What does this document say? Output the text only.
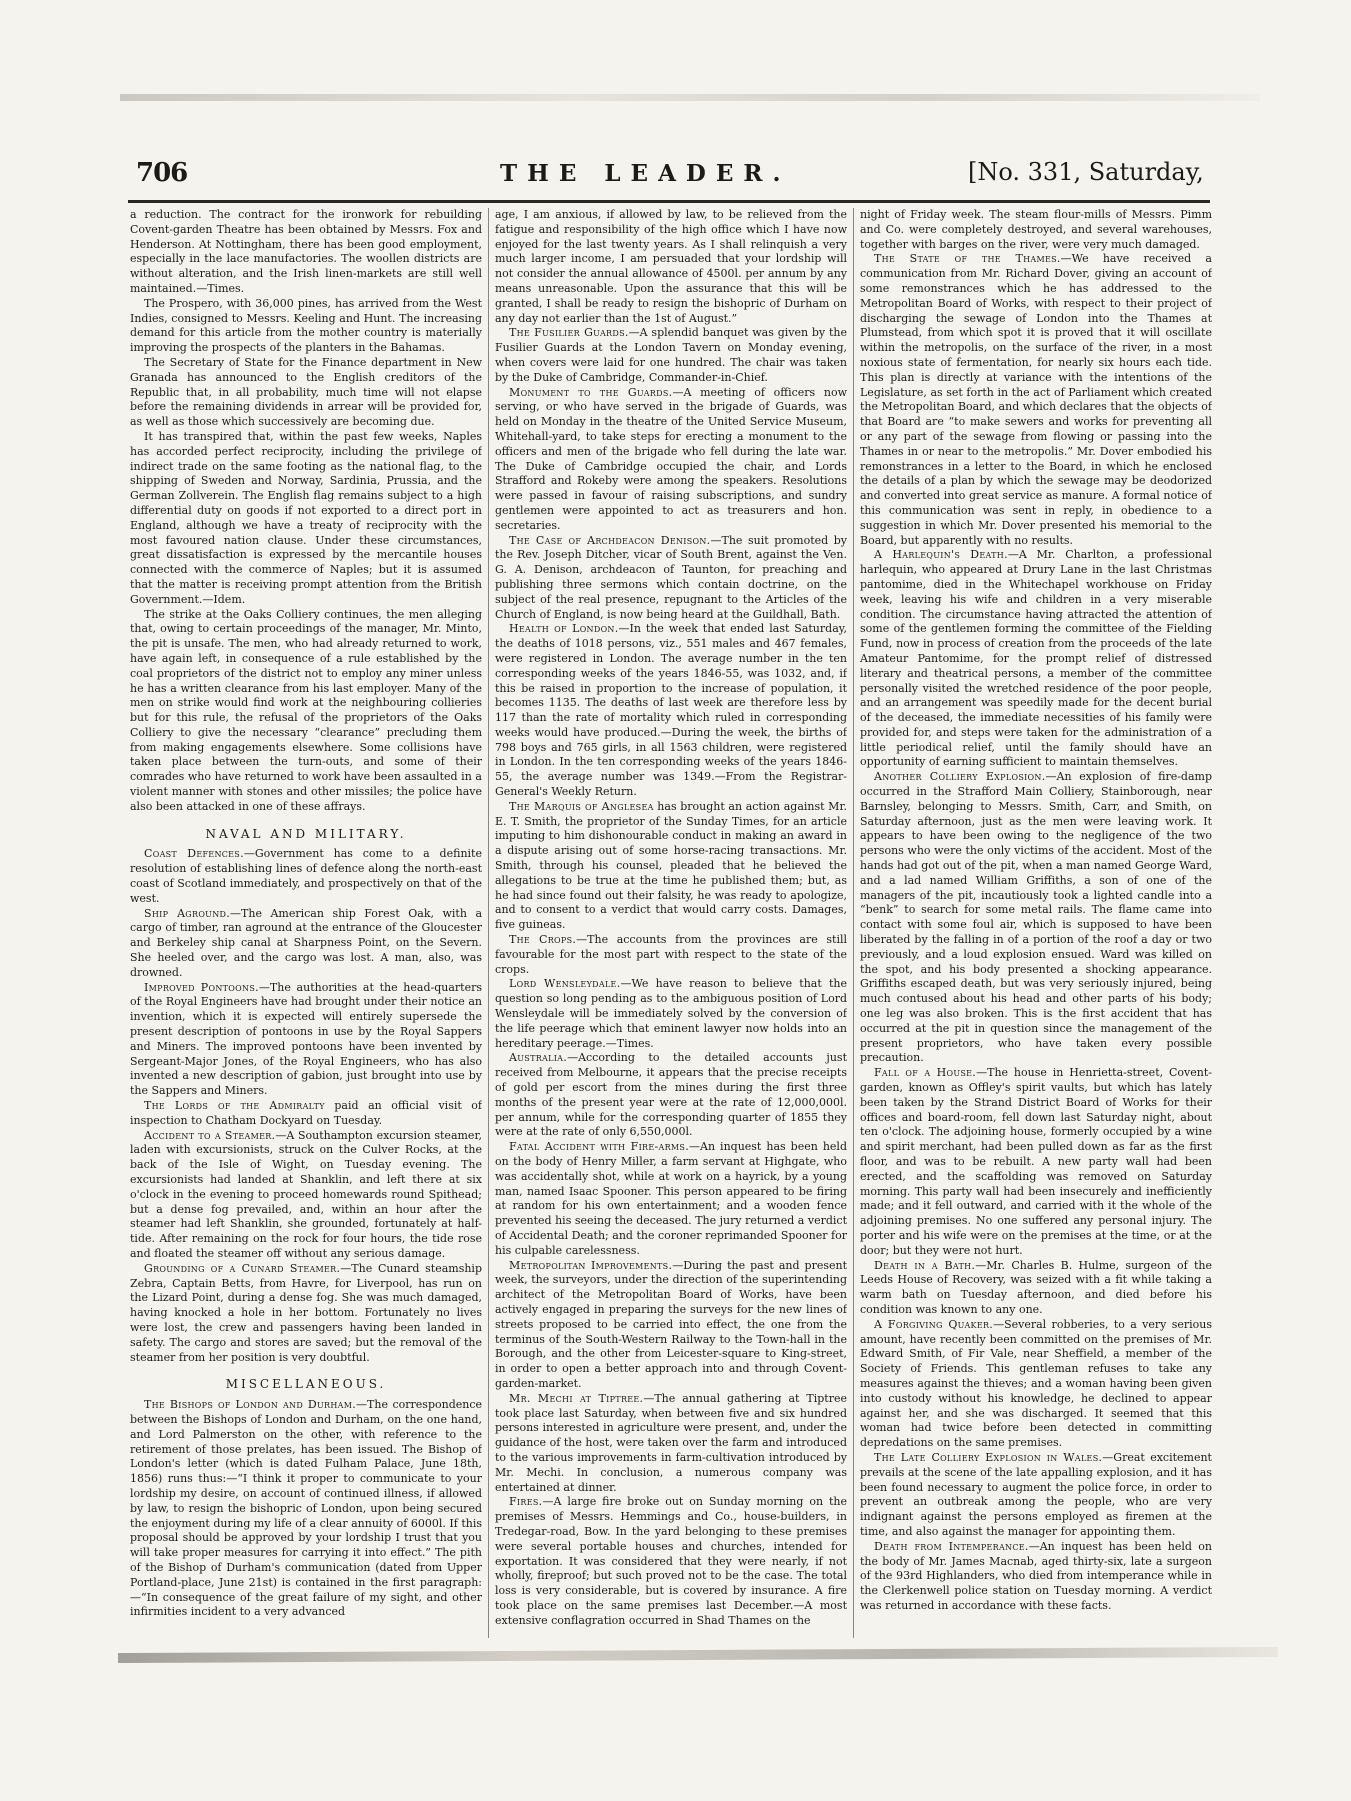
706	THE LEADER.	[No. 331, Saturday,

a reduction. The contract for the ironwork for rebuilding Covent-garden Theatre has been obtained by Messrs. Fox and Henderson. At Nottingham, there has been good employment, especially in the lace manufactories. The woollen districts are without alteration, and the Irish linen-markets are still well maintained.—Times.

The Prospero, with 36,000 pines, has arrived from the West Indies, consigned to Messrs. Keeling and Hunt. The increasing demand for this article from the mother country is materially improving the prospects of the planters in the Bahamas.

The Secretary of State for the Finance department in New Granada has announced to the English creditors of the Republic that, in all probability, much time will not elapse before the remaining dividends in arrear will be provided for, as well as those which successively are becoming due.

It has transpired that, within the past few weeks, Naples has accorded perfect reciprocity, including the privilege of indirect trade on the same footing as the national flag, to the shipping of Sweden and Norway, Sardinia, Prussia, and the German Zollverein. The English flag remains subject to a high differential duty on goods if not exported to a direct port in England, although we have a treaty of reciprocity with the most favoured nation clause. Under these circumstances, great dissatisfaction is expressed by the mercantile houses connected with the commerce of Naples; but it is assumed that the matter is receiving prompt attention from the British Government.—Idem.

The strike at the Oaks Colliery continues, the men alleging that, owing to certain proceedings of the manager, Mr. Minto, the pit is unsafe. The men, who had already returned to work, have again left, in consequence of a rule established by the coal proprietors of the district not to employ any miner unless he has a written clearance from his last employer. Many of the men on strike would find work at the neighbouring collieries but for this rule, the refusal of the proprietors of the Oaks Colliery to give the necessary “clearance” precluding them from making engagements elsewhere. Some collisions have taken place between the turn-outs, and some of their comrades who have returned to work have been assaulted in a violent manner with stones and other missiles; the police have also been attacked in one of these affrays.

NAVAL AND MILITARY.

Coast Defences.—Government has come to a definite resolution of establishing lines of defence along the north-east coast of Scotland immediately, and prospectively on that of the west.

Ship Aground.—The American ship Forest Oak, with a cargo of timber, ran aground at the entrance of the Gloucester and Berkeley ship canal at Sharpness Point, on the Severn. She heeled over, and the cargo was lost. A man, also, was drowned.

Improved Pontoons.—The authorities at the head-quarters of the Royal Engineers have had brought under their notice an invention, which it is expected will entirely supersede the present description of pontoons in use by the Royal Sappers and Miners. The improved pontoons have been invented by Sergeant-Major Jones, of the Royal Engineers, who has also invented a new description of gabion, just brought into use by the Sappers and Miners.

The Lords of the Admiralty paid an official visit of inspection to Chatham Dockyard on Tuesday.

Accident to a Steamer.—A Southampton excursion steamer, laden with excursionists, struck on the Culver Rocks, at the back of the Isle of Wight, on Tuesday evening. The excursionists had landed at Shanklin, and left there at six o'clock in the evening to proceed homewards round Spithead; but a dense fog prevailed, and, within an hour after the steamer had left Shanklin, she grounded, fortunately at half-tide. After remaining on the rock for four hours, the tide rose and floated the steamer off without any serious damage.

Grounding of a Cunard Steamer.—The Cunard steamship Zebra, Captain Betts, from Havre, for Liverpool, has run on the Lizard Point, during a dense fog. She was much damaged, having knocked a hole in her bottom. Fortunately no lives were lost, the crew and passengers having been landed in safety. The cargo and stores are saved; but the removal of the steamer from her position is very doubtful.

MISCELLANEOUS.

The Bishops of London and Durham.—The correspondence between the Bishops of London and Durham, on the one hand, and Lord Palmerston on the other, with reference to the retirement of those prelates, has been issued. The Bishop of London's letter (which is dated Fulham Palace, June 18th, 1856) runs thus:—“I think it proper to communicate to your lordship my desire, on account of continued illness, if allowed by law, to resign the bishopric of London, upon being secured the enjoyment during my life of a clear annuity of 6000l. If this proposal should be approved by your lordship I trust that you will take proper measures for carrying it into effect.” The pith of the Bishop of Durham's communication (dated from Upper Portland-place, June 21st) is contained in the first paragraph:—“In consequence of the great failure of my sight, and other infirmities incident to a very advanced

age, I am anxious, if allowed by law, to be relieved from the fatigue and responsibility of the high office which I have now enjoyed for the last twenty years. As I shall relinquish a very much larger income, I am persuaded that your lordship will not consider the annual allowance of 4500l. per annum by any means unreasonable. Upon the assurance that this will be granted, I shall be ready to resign the bishopric of Durham on any day not earlier than the 1st of August.”

The Fusilier Guards.—A splendid banquet was given by the Fusilier Guards at the London Tavern on Monday evening, when covers were laid for one hundred. The chair was taken by the Duke of Cambridge, Commander-in-Chief.

Monument to the Guards.—A meeting of officers now serving, or who have served in the brigade of Guards, was held on Monday in the theatre of the United Service Museum, Whitehall-yard, to take steps for erecting a monument to the officers and men of the brigade who fell during the late war. The Duke of Cambridge occupied the chair, and Lords Strafford and Rokeby were among the speakers. Resolutions were passed in favour of raising subscriptions, and sundry gentlemen were appointed to act as treasurers and hon. secretaries.

The Case of Archdeacon Denison.—The suit promoted by the Rev. Joseph Ditcher, vicar of South Brent, against the Ven. G. A. Denison, archdeacon of Taunton, for preaching and publishing three sermons which contain doctrine, on the subject of the real presence, repugnant to the Articles of the Church of England, is now being heard at the Guildhall, Bath.

Health of London.—In the week that ended last Saturday, the deaths of 1018 persons, viz., 551 males and 467 females, were registered in London. The average number in the ten corresponding weeks of the years 1846-55, was 1032, and, if this be raised in proportion to the increase of population, it becomes 1135. The deaths of last week are therefore less by 117 than the rate of mortality which ruled in corresponding weeks would have produced.—During the week, the births of 798 boys and 765 girls, in all 1563 children, were registered in London. In the ten corresponding weeks of the years 1846-55, the average number was 1349.—From the Registrar-General's Weekly Return.

The Marquis of Anglesea has brought an action against Mr. E. T. Smith, the proprietor of the Sunday Times, for an article imputing to him dishonourable conduct in making an award in a dispute arising out of some horse-racing transactions. Mr. Smith, through his counsel, pleaded that he believed the allegations to be true at the time he published them; but, as he had since found out their falsity, he was ready to apologize, and to consent to a verdict that would carry costs. Damages, five guineas.

The Crops.—The accounts from the provinces are still favourable for the most part with respect to the state of the crops.

Lord Wensleydale.—We have reason to believe that the question so long pending as to the ambiguous position of Lord Wensleydale will be immediately solved by the conversion of the life peerage which that eminent lawyer now holds into an hereditary peerage.—Times.

Australia.—According to the detailed accounts just received from Melbourne, it appears that the precise receipts of gold per escort from the mines during the first three months of the present year were at the rate of 12,000,000l. per annum, while for the corresponding quarter of 1855 they were at the rate of only 6,550,000l.

Fatal Accident with Fire-arms.—An inquest has been held on the body of Henry Miller, a farm servant at Highgate, who was accidentally shot, while at work on a hayrick, by a young man, named Isaac Spooner. This person appeared to be firing at random for his own entertainment; and a wooden fence prevented his seeing the deceased. The jury returned a verdict of Accidental Death; and the coroner reprimanded Spooner for his culpable carelessness.

Metropolitan Improvements.—During the past and present week, the surveyors, under the direction of the superintending architect of the Metropolitan Board of Works, have been actively engaged in preparing the surveys for the new lines of streets proposed to be carried into effect, the one from the terminus of the South-Western Railway to the Town-hall in the Borough, and the other from Leicester-square to King-street, in order to open a better approach into and through Covent-garden-market.

Mr. Mechi at Tiptree.—The annual gathering at Tiptree took place last Saturday, when between five and six hundred persons interested in agriculture were present, and, under the guidance of the host, were taken over the farm and introduced to the various improvements in farm-cultivation introduced by Mr. Mechi. In conclusion, a numerous company was entertained at dinner.

Fires.—A large fire broke out on Sunday morning on the premises of Messrs. Hemmings and Co., house-builders, in Tredegar-road, Bow. In the yard belonging to these premises were several portable houses and churches, intended for exportation. It was considered that they were nearly, if not wholly, fireproof; but such proved not to be the case. The total loss is very considerable, but is covered by insurance. A fire took place on the same premises last December.—A most extensive conflagration occurred in Shad Thames on the

night of Friday week. The steam flour-mills of Messrs. Pimm and Co. were completely destroyed, and several warehouses, together with barges on the river, were very much damaged.

The State of the Thames.—We have received a communication from Mr. Richard Dover, giving an account of some remonstrances which he has addressed to the Metropolitan Board of Works, with respect to their project of discharging the sewage of London into the Thames at Plumstead, from which spot it is proved that it will oscillate within the metropolis, on the surface of the river, in a most noxious state of fermentation, for nearly six hours each tide. This plan is directly at variance with the intentions of the Legislature, as set forth in the act of Parliament which created the Metropolitan Board, and which declares that the objects of that Board are “to make sewers and works for preventing all or any part of the sewage from flowing or passing into the Thames in or near to the metropolis.” Mr. Dover embodied his remonstrances in a letter to the Board, in which he enclosed the details of a plan by which the sewage may be deodorized and converted into great service as manure. A formal notice of this communication was sent in reply, in obedience to a suggestion in which Mr. Dover presented his memorial to the Board, but apparently with no results.

A Harlequin's Death.—A Mr. Charlton, a professional harlequin, who appeared at Drury Lane in the last Christmas pantomime, died in the Whitechapel workhouse on Friday week, leaving his wife and children in a very miserable condition. The circumstance having attracted the attention of some of the gentlemen forming the committee of the Fielding Fund, now in process of creation from the proceeds of the late Amateur Pantomime, for the prompt relief of distressed literary and theatrical persons, a member of the committee personally visited the wretched residence of the poor people, and an arrangement was speedily made for the decent burial of the deceased, the immediate necessities of his family were provided for, and steps were taken for the administration of a little periodical relief, until the family should have an opportunity of earning sufficient to maintain themselves.

Another Colliery Explosion.—An explosion of fire-damp occurred in the Strafford Main Colliery, Stainborough, near Barnsley, belonging to Messrs. Smith, Carr, and Smith, on Saturday afternoon, just as the men were leaving work. It appears to have been owing to the negligence of the two persons who were the only victims of the accident. Most of the hands had got out of the pit, when a man named George Ward, and a lad named William Griffiths, a son of one of the managers of the pit, incautiously took a lighted candle into a “benk” to search for some metal rails. The flame came into contact with some foul air, which is supposed to have been liberated by the falling in of a portion of the roof a day or two previously, and a loud explosion ensued. Ward was killed on the spot, and his body presented a shocking appearance. Griffiths escaped death, but was very seriously injured, being much contused about his head and other parts of his body; one leg was also broken. This is the first accident that has occurred at the pit in question since the management of the present proprietors, who have taken every possible precaution.

Fall of a House.—The house in Henrietta-street, Covent-garden, known as Offley's spirit vaults, but which has lately been taken by the Strand District Board of Works for their offices and board-room, fell down last Saturday night, about ten o'clock. The adjoining house, formerly occupied by a wine and spirit merchant, had been pulled down as far as the first floor, and was to be rebuilt. A new party wall had been erected, and the scaffolding was removed on Saturday morning. This party wall had been insecurely and inefficiently made; and it fell outward, and carried with it the whole of the adjoining premises. No one suffered any personal injury. The porter and his wife were on the premises at the time, or at the door; but they were not hurt.

Death in a Bath.—Mr. Charles B. Hulme, surgeon of the Leeds House of Recovery, was seized with a fit while taking a warm bath on Tuesday afternoon, and died before his condition was known to any one.

A Forgiving Quaker.—Several robberies, to a very serious amount, have recently been committed on the premises of Mr. Edward Smith, of Fir Vale, near Sheffield, a member of the Society of Friends. This gentleman refuses to take any measures against the thieves; and a woman having been given into custody without his knowledge, he declined to appear against her, and she was discharged. It seemed that this woman had twice before been detected in committing depredations on the same premises.

The Late Colliery Explosion in Wales.—Great excitement prevails at the scene of the late appalling explosion, and it has been found necessary to augment the police force, in order to prevent an outbreak among the people, who are very indignant against the persons employed as firemen at the time, and also against the manager for appointing them.

Death from Intemperance.—An inquest has been held on the body of Mr. James Macnab, aged thirty-six, late a surgeon of the 93rd Highlanders, who died from intemperance while in the Clerkenwell police station on Tuesday morning. A verdict was returned in accordance with these facts.
